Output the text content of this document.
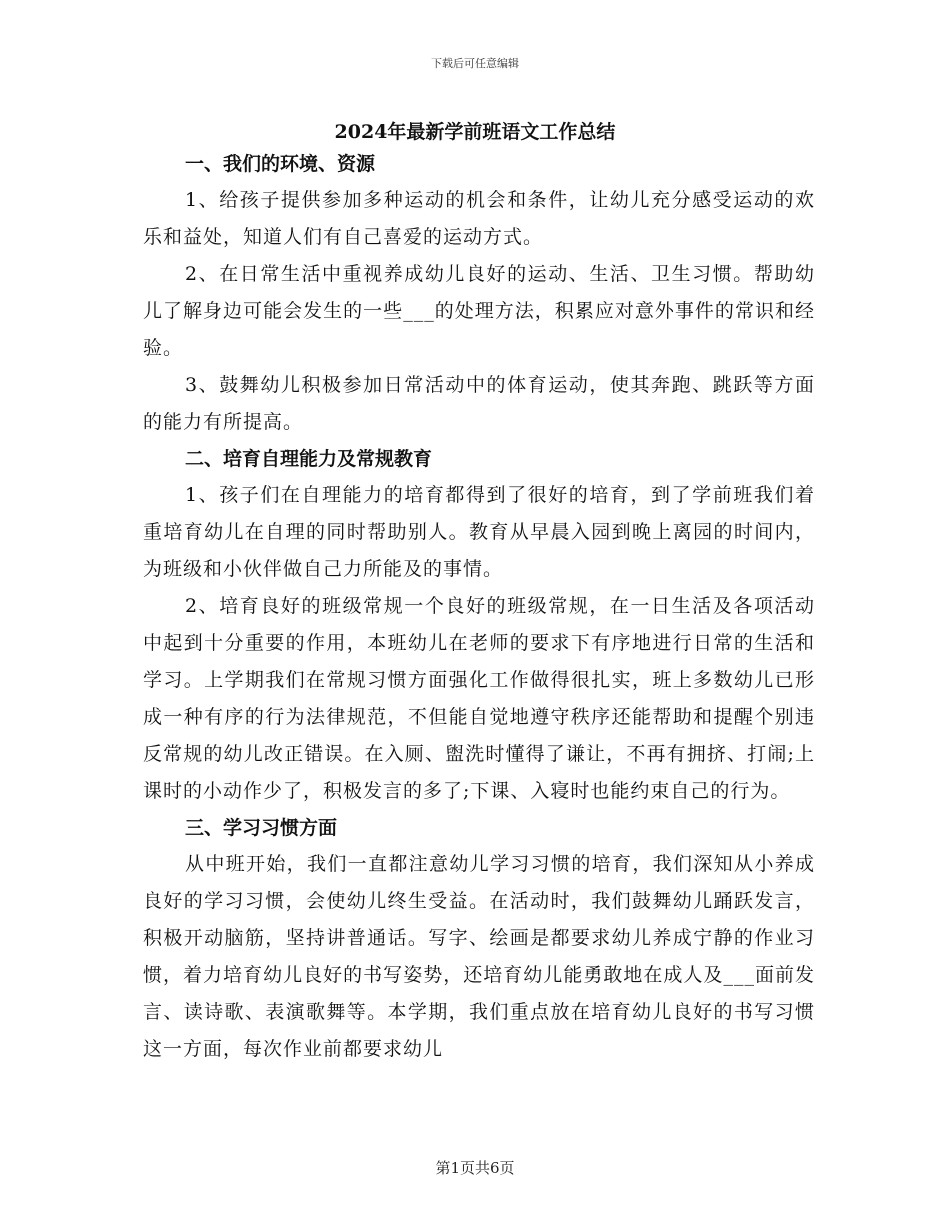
下载后可任意编辑
2024年最新学前班语文工作总结

一、我们的环境、资源

1、给孩子提供参加多种运动的机会和条件，让幼儿充分感受运动的欢乐和益处，知道人们有自己喜爱的运动方式。

2、在日常生活中重视养成幼儿良好的运动、生活、卫生习惯。帮助幼儿了解身边可能会发生的一些___的处理方法，积累应对意外事件的常识和经验。

3、鼓舞幼儿积极参加日常活动中的体育运动，使其奔跑、跳跃等方面的能力有所提高。

二、培育自理能力及常规教育

1、孩子们在自理能力的培育都得到了很好的培育，到了学前班我们着重培育幼儿在自理的同时帮助别人。教育从早晨入园到晚上离园的时间内，为班级和小伙伴做自己力所能及的事情。

2、培育良好的班级常规一个良好的班级常规，在一日生活及各项活动中起到十分重要的作用，本班幼儿在老师的要求下有序地进行日常的生活和学习。上学期我们在常规习惯方面强化工作做得很扎实，班上多数幼儿已形成一种有序的行为法律规范，不但能自觉地遵守秩序还能帮助和提醒个别违反常规的幼儿改正错误。在入厕、盥洗时懂得了谦让，不再有拥挤、打闹;上课时的小动作少了，积极发言的多了;下课、入寝时也能约束自己的行为。

三、学习习惯方面

从中班开始，我们一直都注意幼儿学习习惯的培育，我们深知从小养成良好的学习习惯，会使幼儿终生受益。在活动时，我们鼓舞幼儿踊跃发言，积极开动脑筋，坚持讲普通话。写字、绘画是都要求幼儿养成宁静的作业习惯，着力培育幼儿良好的书写姿势，还培育幼儿能勇敢地在成人及___面前发言、读诗歌、表演歌舞等。本学期，我们重点放在培育幼儿良好的书写习惯这一方面，每次作业前都要求幼儿

第1页共6页
